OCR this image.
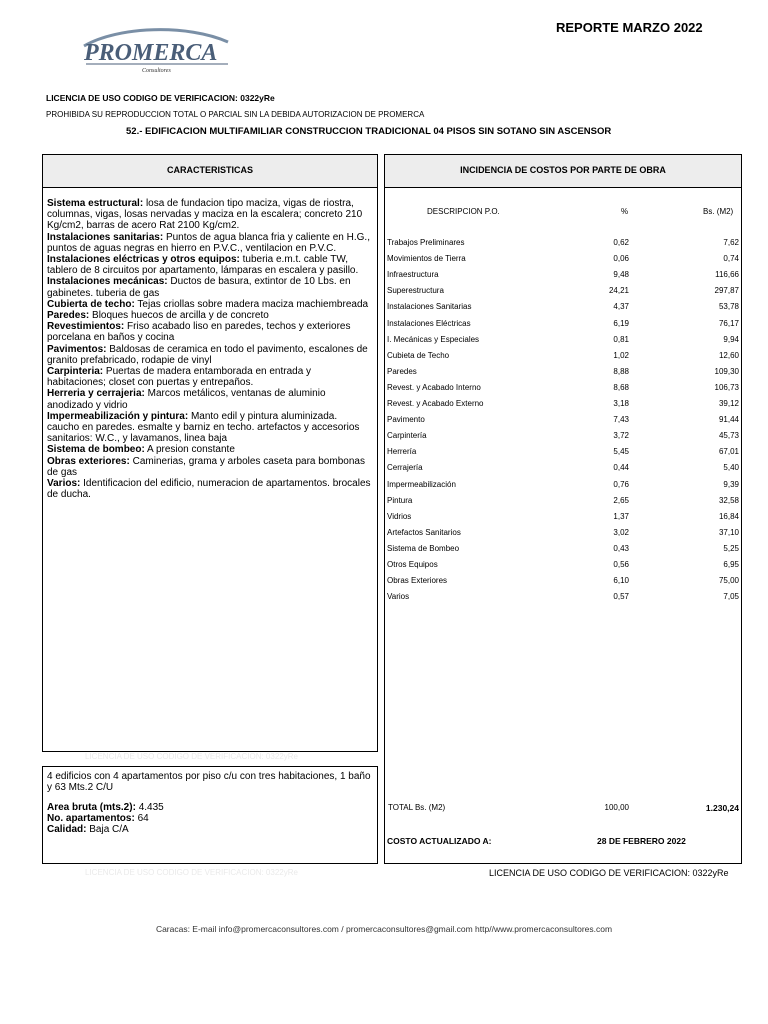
REPORTE MARZO 2022
PROMERCA
Consultores
LICENCIA DE USO CODIGO DE VERIFICACION: 0322yRe
PROHIBIDA SU REPRODUCCION TOTAL O PARCIAL SIN LA DEBIDA AUTORIZACION DE PROMERCA
52.- EDIFICACION MULTIFAMILIAR CONSTRUCCION TRADICIONAL 04 PISOS SIN SOTANO SIN ASCENSOR
CARACTERISTICAS
Sistema estructural: losa de fundacion tipo maciza, vigas de riostra, columnas, vigas, losas nervadas y maciza en la escalera; concreto 210 Kg/cm2, barras de acero Rat 2100 Kg/cm2.
Instalaciones sanitarias: Puntos de agua blanca fria y caliente en H.G., puntos de aguas negras en hierro en P.V.C., ventilacion en P.V.C.
Instalaciones eléctricas y otros equipos: tuberia e.m.t. cable TW, tablero de 8 circuitos por apartamento, lámparas en escalera y pasillo.
Instalaciones mecánicas: Ductos de basura, extintor de 10 Lbs. en gabinetes. tuberia de gas
Cubierta de techo: Tejas criollas sobre madera maciza machiembreada
Paredes: Bloques huecos de arcilla y de concreto
Revestimientos: Friso acabado liso en paredes, techos y exteriores porcelana en baños y cocina
Pavimentos: Baldosas de ceramica en todo el pavimento, escalones de granito prefabricado, rodapie de vinyl
Carpinteria: Puertas de madera entamborada en entrada y habitaciones; closet con puertas y entrepaños.
Herreria y cerrajeria: Marcos metálicos, ventanas de aluminio anodizado y vidrio
Impermeabilización y pintura: Manto edil y pintura aluminizada. caucho en paredes. esmalte y barniz en techo. artefactos y accesorios sanitarios: W.C., y lavamanos, linea baja
Sistema de bombeo: A presion constante
Obras exteriores: Caminerias, grama y arboles caseta para bombonas de gas
Varios: Identificacion del edificio, numeracion de apartamentos. brocales de ducha.
LICENCIA DE USO CODIGO DE VERIFICACION: 0322yRe
4 edificios con 4 apartamentos por piso c/u con tres habitaciones, 1 baño y 63 Mts.2 C/U
Area bruta (mts.2): 4.435
No. apartamentos: 64
Calidad: Baja C/A
LICENCIA DE USO CODIGO DE VERIFICACION: 0322yRe
INCIDENCIA DE COSTOS POR PARTE DE OBRA
DESCRIPCION P.O.	%	Bs. (M2)
Trabajos Preliminares	0,62	7,62
Movimientos de Tierra	0,06	0,74
Infraestructura	9,48	116,66
Superestructura	24,21	297,87
Instalaciones Sanitarias	4,37	53,78
Instalaciones Eléctricas	6,19	76,17
I. Mecánicas y Especiales	0,81	9,94
Cubieta de Techo	1,02	12,60
Paredes	8,88	109,30
Revest. y Acabado Interno	8,68	106,73
Revest. y Acabado Externo	3,18	39,12
Pavimento	7,43	91,44
Carpintería	3,72	45,73
Herrería	5,45	67,01
Cerrajería	0,44	5,40
Impermeabilización	0,76	9,39
Pintura	2,65	32,58
Vidrios	1,37	16,84
Artefactos Sanitarios	3,02	37,10
Sistema de Bombeo	0,43	5,25
Otros Equipos	0,56	6,95
Obras Exteriores	6,10	75,00
Varios	0,57	7,05
TOTAL Bs. (M2)	100,00	1.230,24
COSTO ACTUALIZADO A:	28 DE FEBRERO 2022
LICENCIA DE USO CODIGO DE VERIFICACION: 0322yRe
Caracas: E-mail info@promercaconsultores.com / promercaconsultores@gmail.com http//www.promercaconsultores.com
